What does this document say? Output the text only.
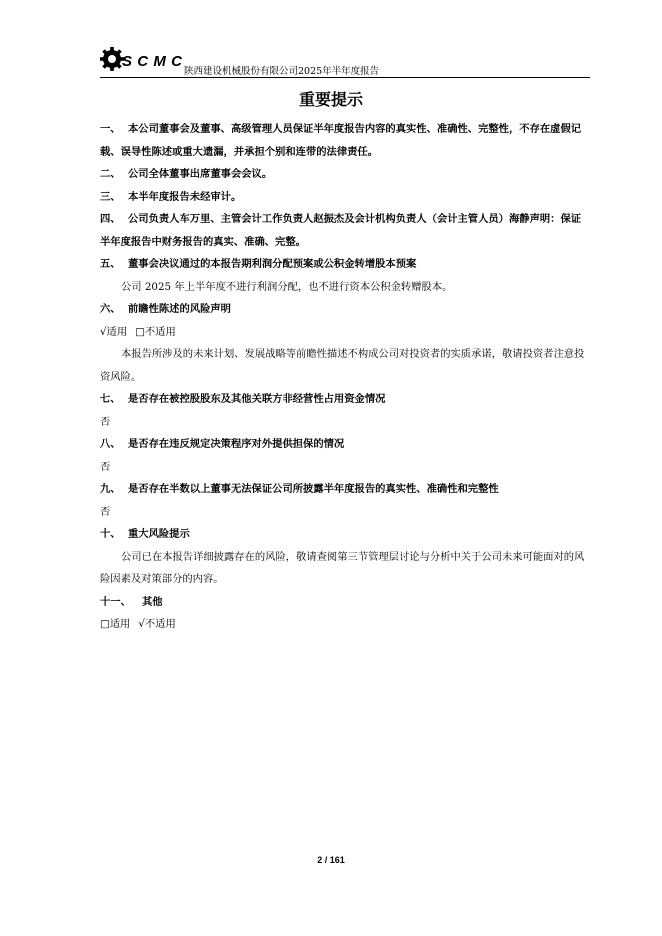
SCMC
陕西建设机械股份有限公司2025年半年度报告
重要提示
一、 本公司董事会及董事、高级管理人员保证半年度报告内容的真实性、准确性、完整性，不存在虚假记载、误导性陈述或重大遗漏，并承担个别和连带的法律责任。
二、 公司全体董事出席董事会会议。
三、 本半年度报告未经审计。
四、 公司负责人车万里、主管会计工作负责人赵振杰及会计机构负责人（会计主管人员）海静声明：保证半年度报告中财务报告的真实、准确、完整。
五、 董事会决议通过的本报告期利润分配预案或公积金转增股本预案
公司 2025 年上半年度不进行利润分配，也不进行资本公积金转赠股本。
六、 前瞻性陈述的风险声明
√适用 □不适用
本报告所涉及的未来计划、发展战略等前瞻性描述不构成公司对投资者的实质承诺，敬请投资者注意投资风险。
七、 是否存在被控股股东及其他关联方非经营性占用资金情况
否
八、 是否存在违反规定决策程序对外提供担保的情况
否
九、 是否存在半数以上董事无法保证公司所披露半年度报告的真实性、准确性和完整性
否
十、 重大风险提示
公司已在本报告详细披露存在的风险，敬请查阅第三节管理层讨论与分析中关于公司未来可能面对的风险因素及对策部分的内容。
十一、	其他
□适用 √不适用
2 / 161
